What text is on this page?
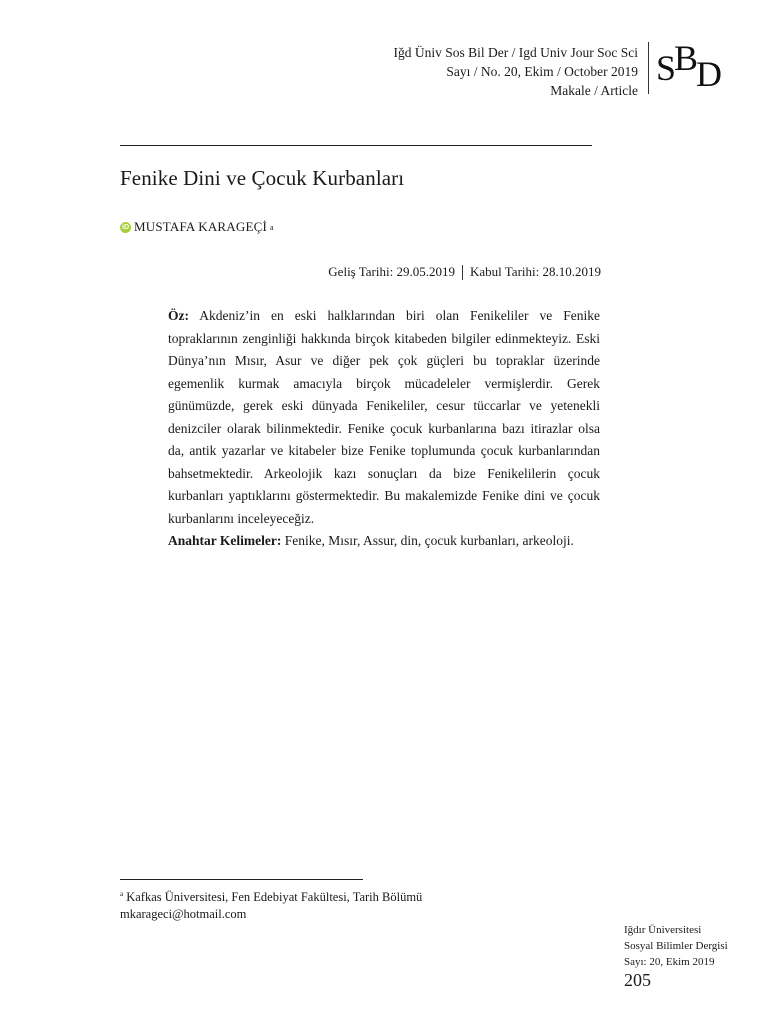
Iğd Üniv Sos Bil Der / Igd Univ Jour Soc Sci
Sayı / No. 20, Ekim / October 2019
Makale / Article
S
B
D
Fenike Dini ve Çocuk Kurbanları
iD MUSTAFA KARAGEÇİ a
Geliş Tarihi: 29.05.2019 Kabul Tarihi: 28.10.2019
Öz: Akdeniz’in en eski halklarından biri olan Fenikeliler ve Fenike topraklarının zenginliği hakkında birçok kitabeden bilgiler edinmekteyiz. Eski Dünya’nın Mısır, Asur ve diğer pek çok güçleri bu topraklar üzerinde egemenlik kurmak amacıyla birçok mücadeleler vermişlerdir. Gerek günümüzde, gerek eski dünyada Fenikeliler, cesur tüccarlar ve yetenekli denizciler olarak bilinmektedir. Fenike çocuk kurbanlarına bazı itirazlar olsa da, antik yazarlar ve kitabeler bize Fenike toplumunda çocuk kurbanlarından bahsetmektedir. Arkeolojik kazı sonuçları da bize Fenikelilerin çocuk kurbanları yaptıklarını göstermektedir. Bu makalemizde Fenike dini ve çocuk kurbanlarını inceleyeceğiz.
Anahtar Kelimeler: Fenike, Mısır, Assur, din, çocuk kurbanları, arkeoloji.
$^a$ Kafkas Üniversitesi, Fen Edebiyat Fakültesi, Tarih Bölümü
mkarageci@hotmail.com
Iğdır Üniversitesi
Sosyal Bilimler Dergisi
Sayı: 20, Ekim 2019
205
